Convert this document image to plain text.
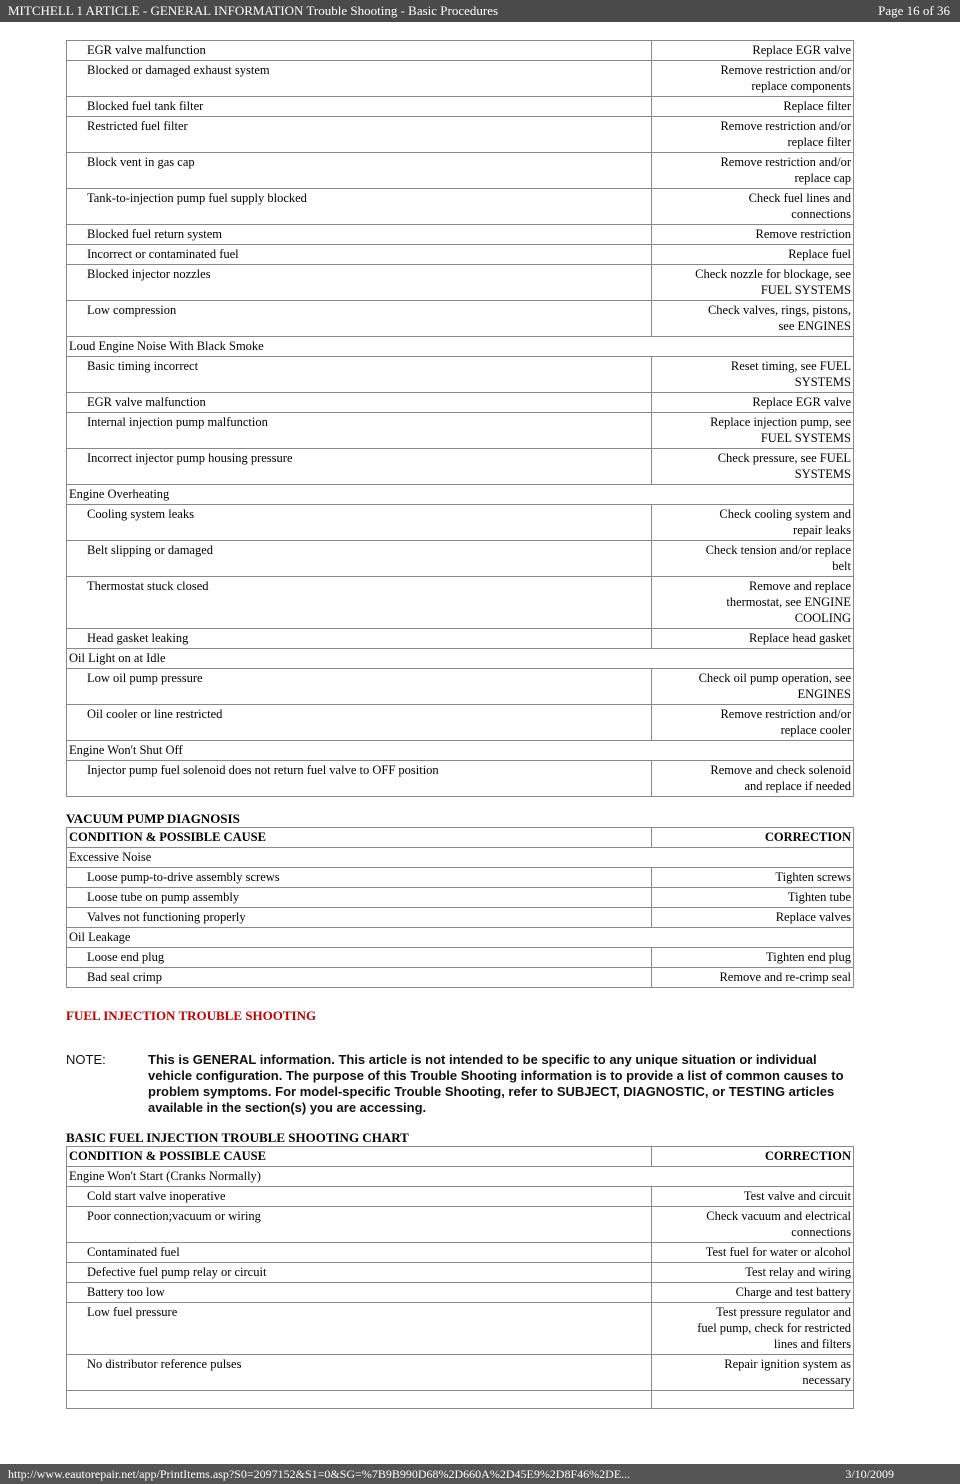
MITCHELL 1 ARTICLE - GENERAL INFORMATION Trouble Shooting - Basic Procedures	Page 16 of 36
EGR valve malfunction	Replace EGR valve
Blocked or damaged exhaust system	Remove restriction and/or
replace components
Blocked fuel tank filter	Replace filter
Restricted fuel filter	Remove restriction and/or
replace filter
Block vent in gas cap	Remove restriction and/or
replace cap
Tank-to-injection pump fuel supply blocked	Check fuel lines and
connections
Blocked fuel return system	Remove restriction
Incorrect or contaminated fuel	Replace fuel
Blocked injector nozzles	Check nozzle for blockage, see
FUEL SYSTEMS
Low compression	Check valves, rings, pistons,
see ENGINES
Loud Engine Noise With Black Smoke	
Basic timing incorrect	Reset timing, see FUEL
SYSTEMS
EGR valve malfunction	Replace EGR valve
Internal injection pump malfunction	Replace injection pump, see
FUEL SYSTEMS
Incorrect injector pump housing pressure	Check pressure, see FUEL
SYSTEMS
Engine Overheating	
Cooling system leaks	Check cooling system and
repair leaks
Belt slipping or damaged	Check tension and/or replace
belt
Thermostat stuck closed	Remove and replace
thermostat, see ENGINE
COOLING
Head gasket leaking	Replace head gasket
Oil Light on at Idle	
Low oil pump pressure	Check oil pump operation, see
ENGINES
Oil cooler or line restricted	Remove restriction and/or
replace cooler
Engine Won't Shut Off	
Injector pump fuel solenoid does not return fuel valve to OFF position	Remove and check solenoid
and replace if needed

VACUUM PUMP DIAGNOSIS

CONDITION & POSSIBLE CAUSE	CORRECTION
Excessive Noise	
Loose pump-to-drive assembly screws	Tighten screws
Loose tube on pump assembly	Tighten tube
Valves not functioning properly	Replace valves
Oil Leakage	
Loose end plug	Tighten end plug
Bad seal crimp	Remove and re-crimp seal

FUEL INJECTION TROUBLE SHOOTING

NOTE:	This is GENERAL information. This article is not intended to be specific to any unique situation or individual vehicle configuration. The purpose of this Trouble Shooting information is to provide a list of common causes to problem symptoms. For model-specific Trouble Shooting, refer to SUBJECT, DIAGNOSTIC, or TESTING articles available in the section(s) you are accessing.

BASIC FUEL INJECTION TROUBLE SHOOTING CHART

CONDITION & POSSIBLE CAUSE	CORRECTION
Engine Won't Start (Cranks Normally)	
Cold start valve inoperative	Test valve and circuit
Poor connection;vacuum or wiring	Check vacuum and electrical
connections
Contaminated fuel	Test fuel for water or alcohol
Defective fuel pump relay or circuit	Test relay and wiring
Battery too low	Charge and test battery
Low fuel pressure	Test pressure regulator and
fuel pump, check for restricted
lines and filters
No distributor reference pulses	Repair ignition system as
necessary

http://www.eautorepair.net/app/PrintItems.asp?S0=2097152&S1=0&SG=%7B9B990D68%2D660A%2D45E9%2D8F46%2DE...	3/10/2009
